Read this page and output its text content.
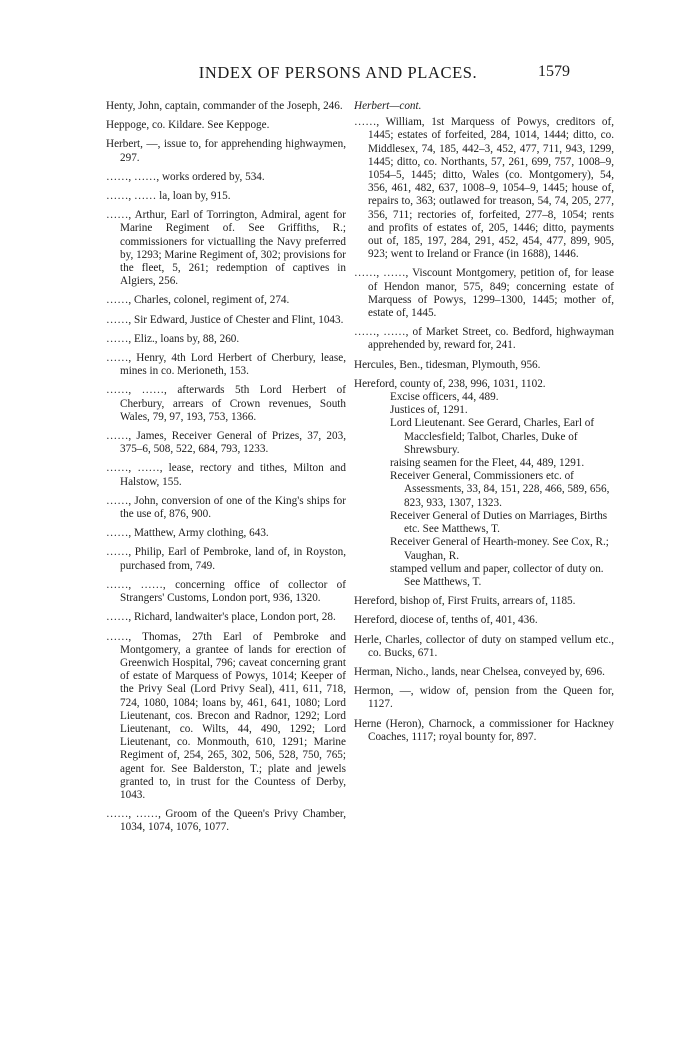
INDEX OF PERSONS AND PLACES.	1579

Henty, John, captain, commander of the Joseph, 246.

Heppoge, co. Kildare. See Keppoge.

Herbert, —, issue to, for apprehending highwaymen, 297.

……, ……, works ordered by, 534.

……, …… la, loan by, 915.

……, Arthur, Earl of Torrington, Admiral, agent for Marine Regiment of. See Griffiths, R.; commissioners for victualling the Navy preferred by, 1293; Marine Regiment of, 302; provisions for the fleet, 5, 261; redemption of captives in Algiers, 256.

……, Charles, colonel, regiment of, 274.

……, Sir Edward, Justice of Chester and Flint, 1043.

……, Eliz., loans by, 88, 260.

……, Henry, 4th Lord Herbert of Cherbury, lease, mines in co. Merioneth, 153.

……, ……, afterwards 5th Lord Herbert of Cherbury, arrears of Crown revenues, South Wales, 79, 97, 193, 753, 1366.

……, James, Receiver General of Prizes, 37, 203, 375–6, 508, 522, 684, 793, 1233.

……, ……, lease, rectory and tithes, Milton and Halstow, 155.

……, John, conversion of one of the King's ships for the use of, 876, 900.

……, Matthew, Army clothing, 643.

……, Philip, Earl of Pembroke, land of, in Royston, purchased from, 749.

……, ……, concerning office of collector of Strangers' Customs, London port, 936, 1320.

……, Richard, landwaiter's place, London port, 28.

……, Thomas, 27th Earl of Pembroke and Montgomery, a grantee of lands for erection of Greenwich Hospital, 796; caveat concerning grant of estate of Marquess of Powys, 1014; Keeper of the Privy Seal (Lord Privy Seal), 411, 611, 718, 724, 1080, 1084; loans by, 461, 641, 1080; Lord Lieutenant, cos. Brecon and Radnor, 1292; Lord Lieutenant, co. Wilts, 44, 490, 1292; Lord Lieutenant, co. Monmouth, 610, 1291; Marine Regiment of, 254, 265, 302, 506, 528, 750, 765; agent for. See Balderston, T.; plate and jewels granted to, in trust for the Countess of Derby, 1043.

……, ……, Groom of the Queen's Privy Chamber, 1034, 1074, 1076, 1077.

Herbert—cont.

……, William, 1st Marquess of Powys, creditors of, 1445; estates of forfeited, 284, 1014, 1444; ditto, co. Middlesex, 74, 185, 442–3, 452, 477, 711, 943, 1299, 1445; ditto, co. Northants, 57, 261, 699, 757, 1008–9, 1054–5, 1445; ditto, Wales (co. Montgomery), 54, 356, 461, 482, 637, 1008–9, 1054–9, 1445; house of, repairs to, 363; outlawed for treason, 54, 74, 205, 277, 356, 711; rectories of, forfeited, 277–8, 1054; rents and profits of estates of, 205, 1446; ditto, payments out of, 185, 197, 284, 291, 452, 454, 477, 899, 905, 923; went to Ireland or France (in 1688), 1446.

……, ……, Viscount Montgomery, petition of, for lease of Hendon manor, 575, 849; concerning estate of Marquess of Powys, 1299–1300, 1445; mother of, estate of, 1445.

……, ……, of Market Street, co. Bedford, highwayman apprehended by, reward for, 241.

Hercules, Ben., tidesman, Plymouth, 956.

Hereford, county of, 238, 996, 1031, 1102.

Excise officers, 44, 489.

Justices of, 1291.

Lord Lieutenant. See Gerard, Charles, Earl of Macclesfield; Talbot, Charles, Duke of Shrewsbury.

raising seamen for the Fleet, 44, 489, 1291.

Receiver General, Commissioners etc. of Assessments, 33, 84, 151, 228, 466, 589, 656, 823, 933, 1307, 1323.

Receiver General of Duties on Marriages, Births etc. See Matthews, T.

Receiver General of Hearth-money. See Cox, R.; Vaughan, R.

stamped vellum and paper, collector of duty on. See Matthews, T.

Hereford, bishop of, First Fruits, arrears of, 1185.

Hereford, diocese of, tenths of, 401, 436.

Herle, Charles, collector of duty on stamped vellum etc., co. Bucks, 671.

Herman, Nicho., lands, near Chelsea, conveyed by, 696.

Hermon, —, widow of, pension from the Queen for, 1127.

Herne (Heron), Charnock, a commissioner for Hackney Coaches, 1117; royal bounty for, 897.
